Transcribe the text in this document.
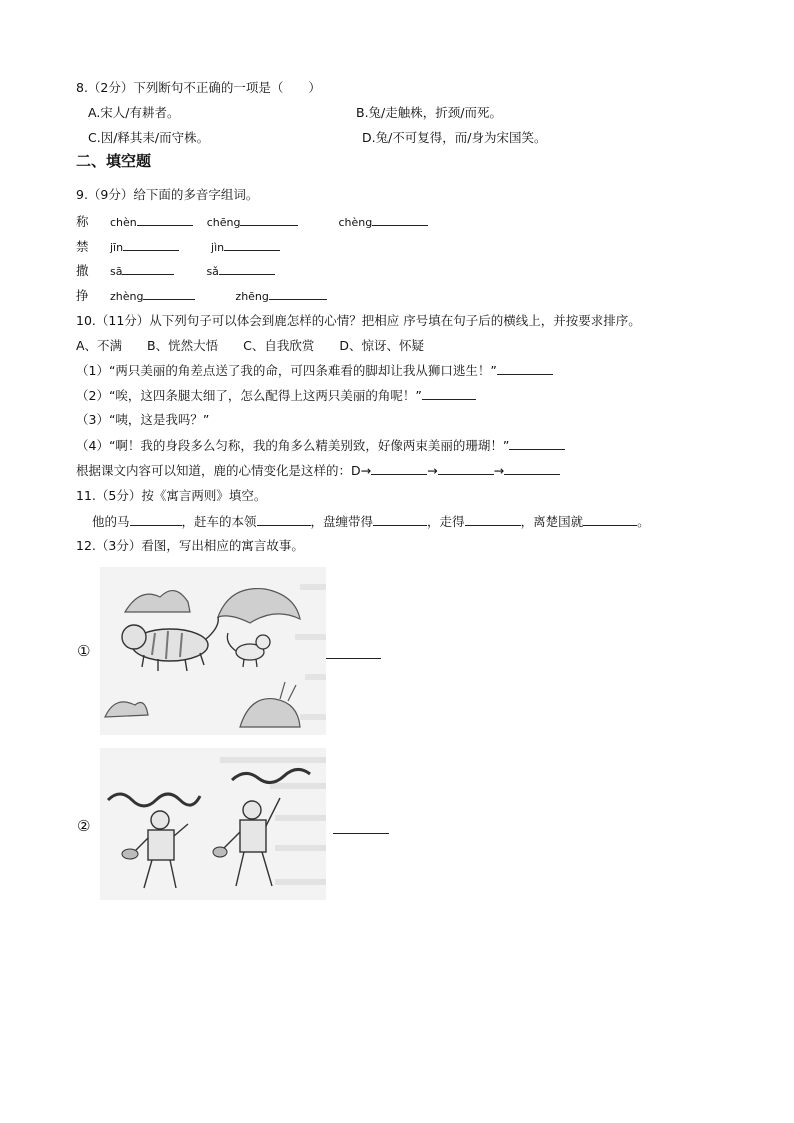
8.（2分）下列断句不正确的一项是（　　）
A.宋人/有耕者。	B.兔/走触株，折颈/而死。
C.因/释其耒/而守株。	D.兔/不可复得，而/身为宋国笑。
二、填空题
9.（9分）给下面的多音字组词。
称 chèn	chēng	chèng
禁 jīn	jìn
撒 sā	sǎ
挣 zhèng	zhēng
10.（11分）从下列句子可以体会到鹿怎样的心情？把相应 序号填在句子后的横线上，并按要求排序。
A、不满　　B、恍然大悟　　C、自我欣赏　　D、惊讶、怀疑
（1）“两只美丽的角差点送了我的命，可四条难看的脚却让我从狮口逃生！”
（2）“唉，这四条腿太细了，怎么配得上这两只美丽的角呢！”
（3）“咦，这是我吗？”
（4）“啊！我的身段多么匀称，我的角多么精美别致，好像两束美丽的珊瑚！”
根据课文内容可以知道，鹿的心情变化是这样的：D→	→	→
11.（5分）按《寓言两则》填空。
他的马	，赶车的本领	，盘缠带得	，走得	，离楚国就	。
12.（3分）看图，写出相应的寓言故事。
①
②
